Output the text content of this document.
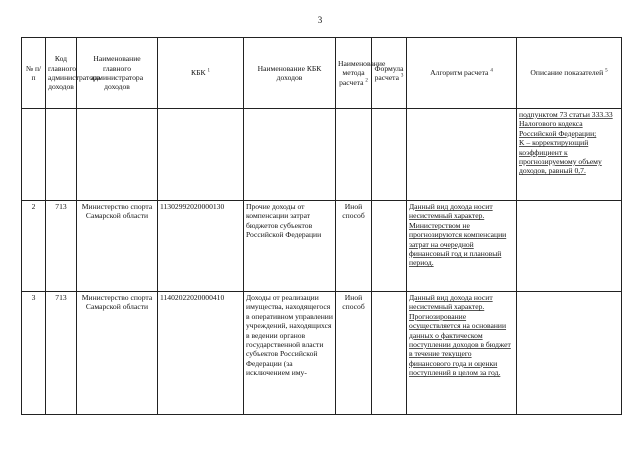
3
№ п/п	Код главного администратора доходов	Наименование главного администратора доходов	КБК $^1$	Наименование КБК доходов	Наименование метода расчета $^2$	Формула расчета $^3$	Алгоритм расчета $^4$	Описание показателей $^5$

								подпунктом 73 статьи 333.33 Налогового кодекса Российской Федерации;
K – корректирующий коэффициент к прогнозируемому объему доходов, равный 0,7.

2	713	Министерство спорта Самарской области	11302992020000130	Прочие доходы от компенсации затрат бюджетов субъектов Российской Федерации	Иной способ		Данный вид дохода носит несистемный характер.
Министерством не прогнозируются компенсации затрат на очередной финансовый год и плановый период.	

3	713	Министерство спорта Самарской области	11402022020000410	Доходы от реализации имущества, находящегося в оперативном управлении учреждений, находящихся в ведении органов государственной власти субъектов Российской Федерации (за исключением иму-	Иной способ		Данный вид дохода носит несистемный характер.
Прогнозирование осуществляется на основании данных о фактическом поступлении доходов в бюджет в течение текущего финансового года и оценки поступлений в целом за год.	
